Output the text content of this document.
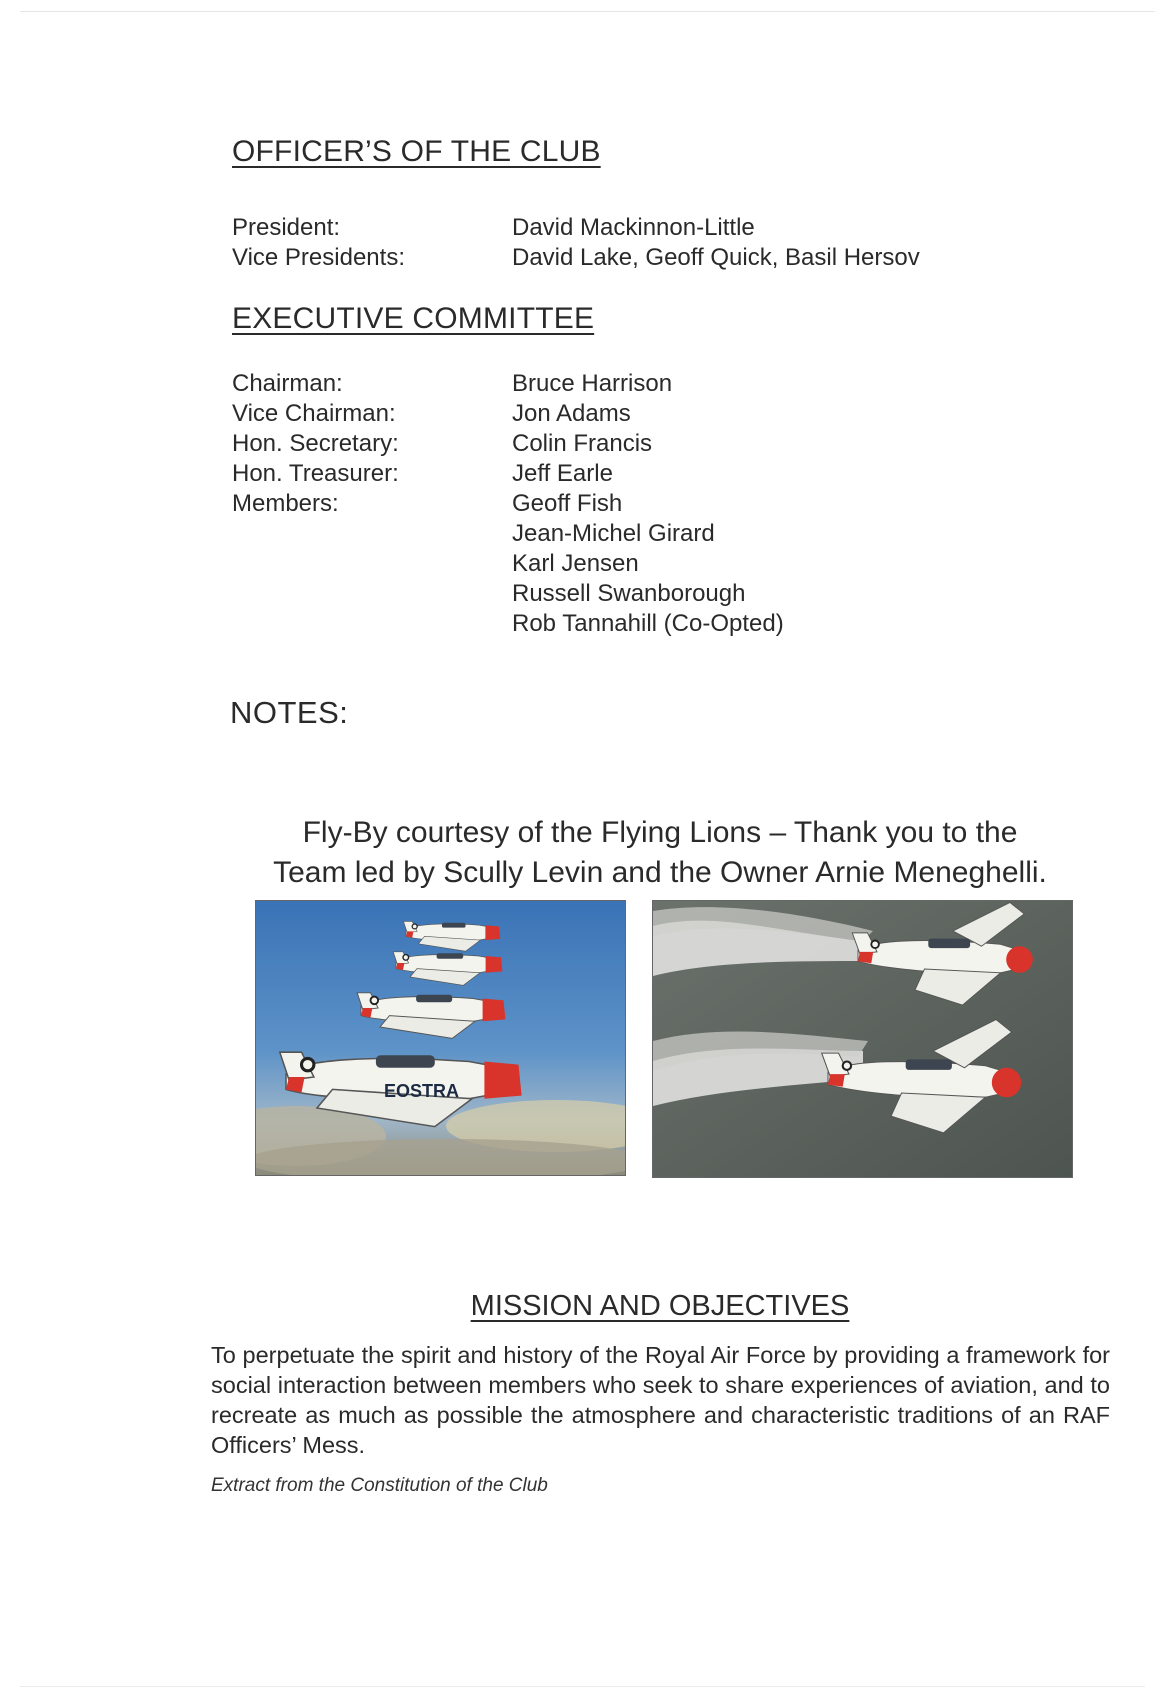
OFFICER’S OF THE CLUB
President:	David Mackinnon-Little
Vice Presidents:	David Lake, Geoff Quick, Basil Hersov
EXECUTIVE COMMITTEE
Chairman:	Bruce Harrison
Vice Chairman:	Jon Adams
Hon. Secretary:	Colin Francis
Hon. Treasurer:	Jeff Earle
Members:	Geoff Fish
Jean-Michel Girard
Karl Jensen
Russell Swanborough
Rob Tannahill (Co-Opted)
NOTES:
Fly-By courtesy of the Flying Lions – Thank you to the
Team led by Scully Levin and the Owner Arnie Meneghelli.
EOSTRA
MISSION AND OBJECTIVES

To perpetuate the spirit and history of the Royal Air Force by providing a framework for social interaction between members who seek to share experiences of aviation, and to recreate as much as possible the atmosphere and characteristic traditions of an RAF Officers’ Mess.

Extract from the Constitution of the Club
